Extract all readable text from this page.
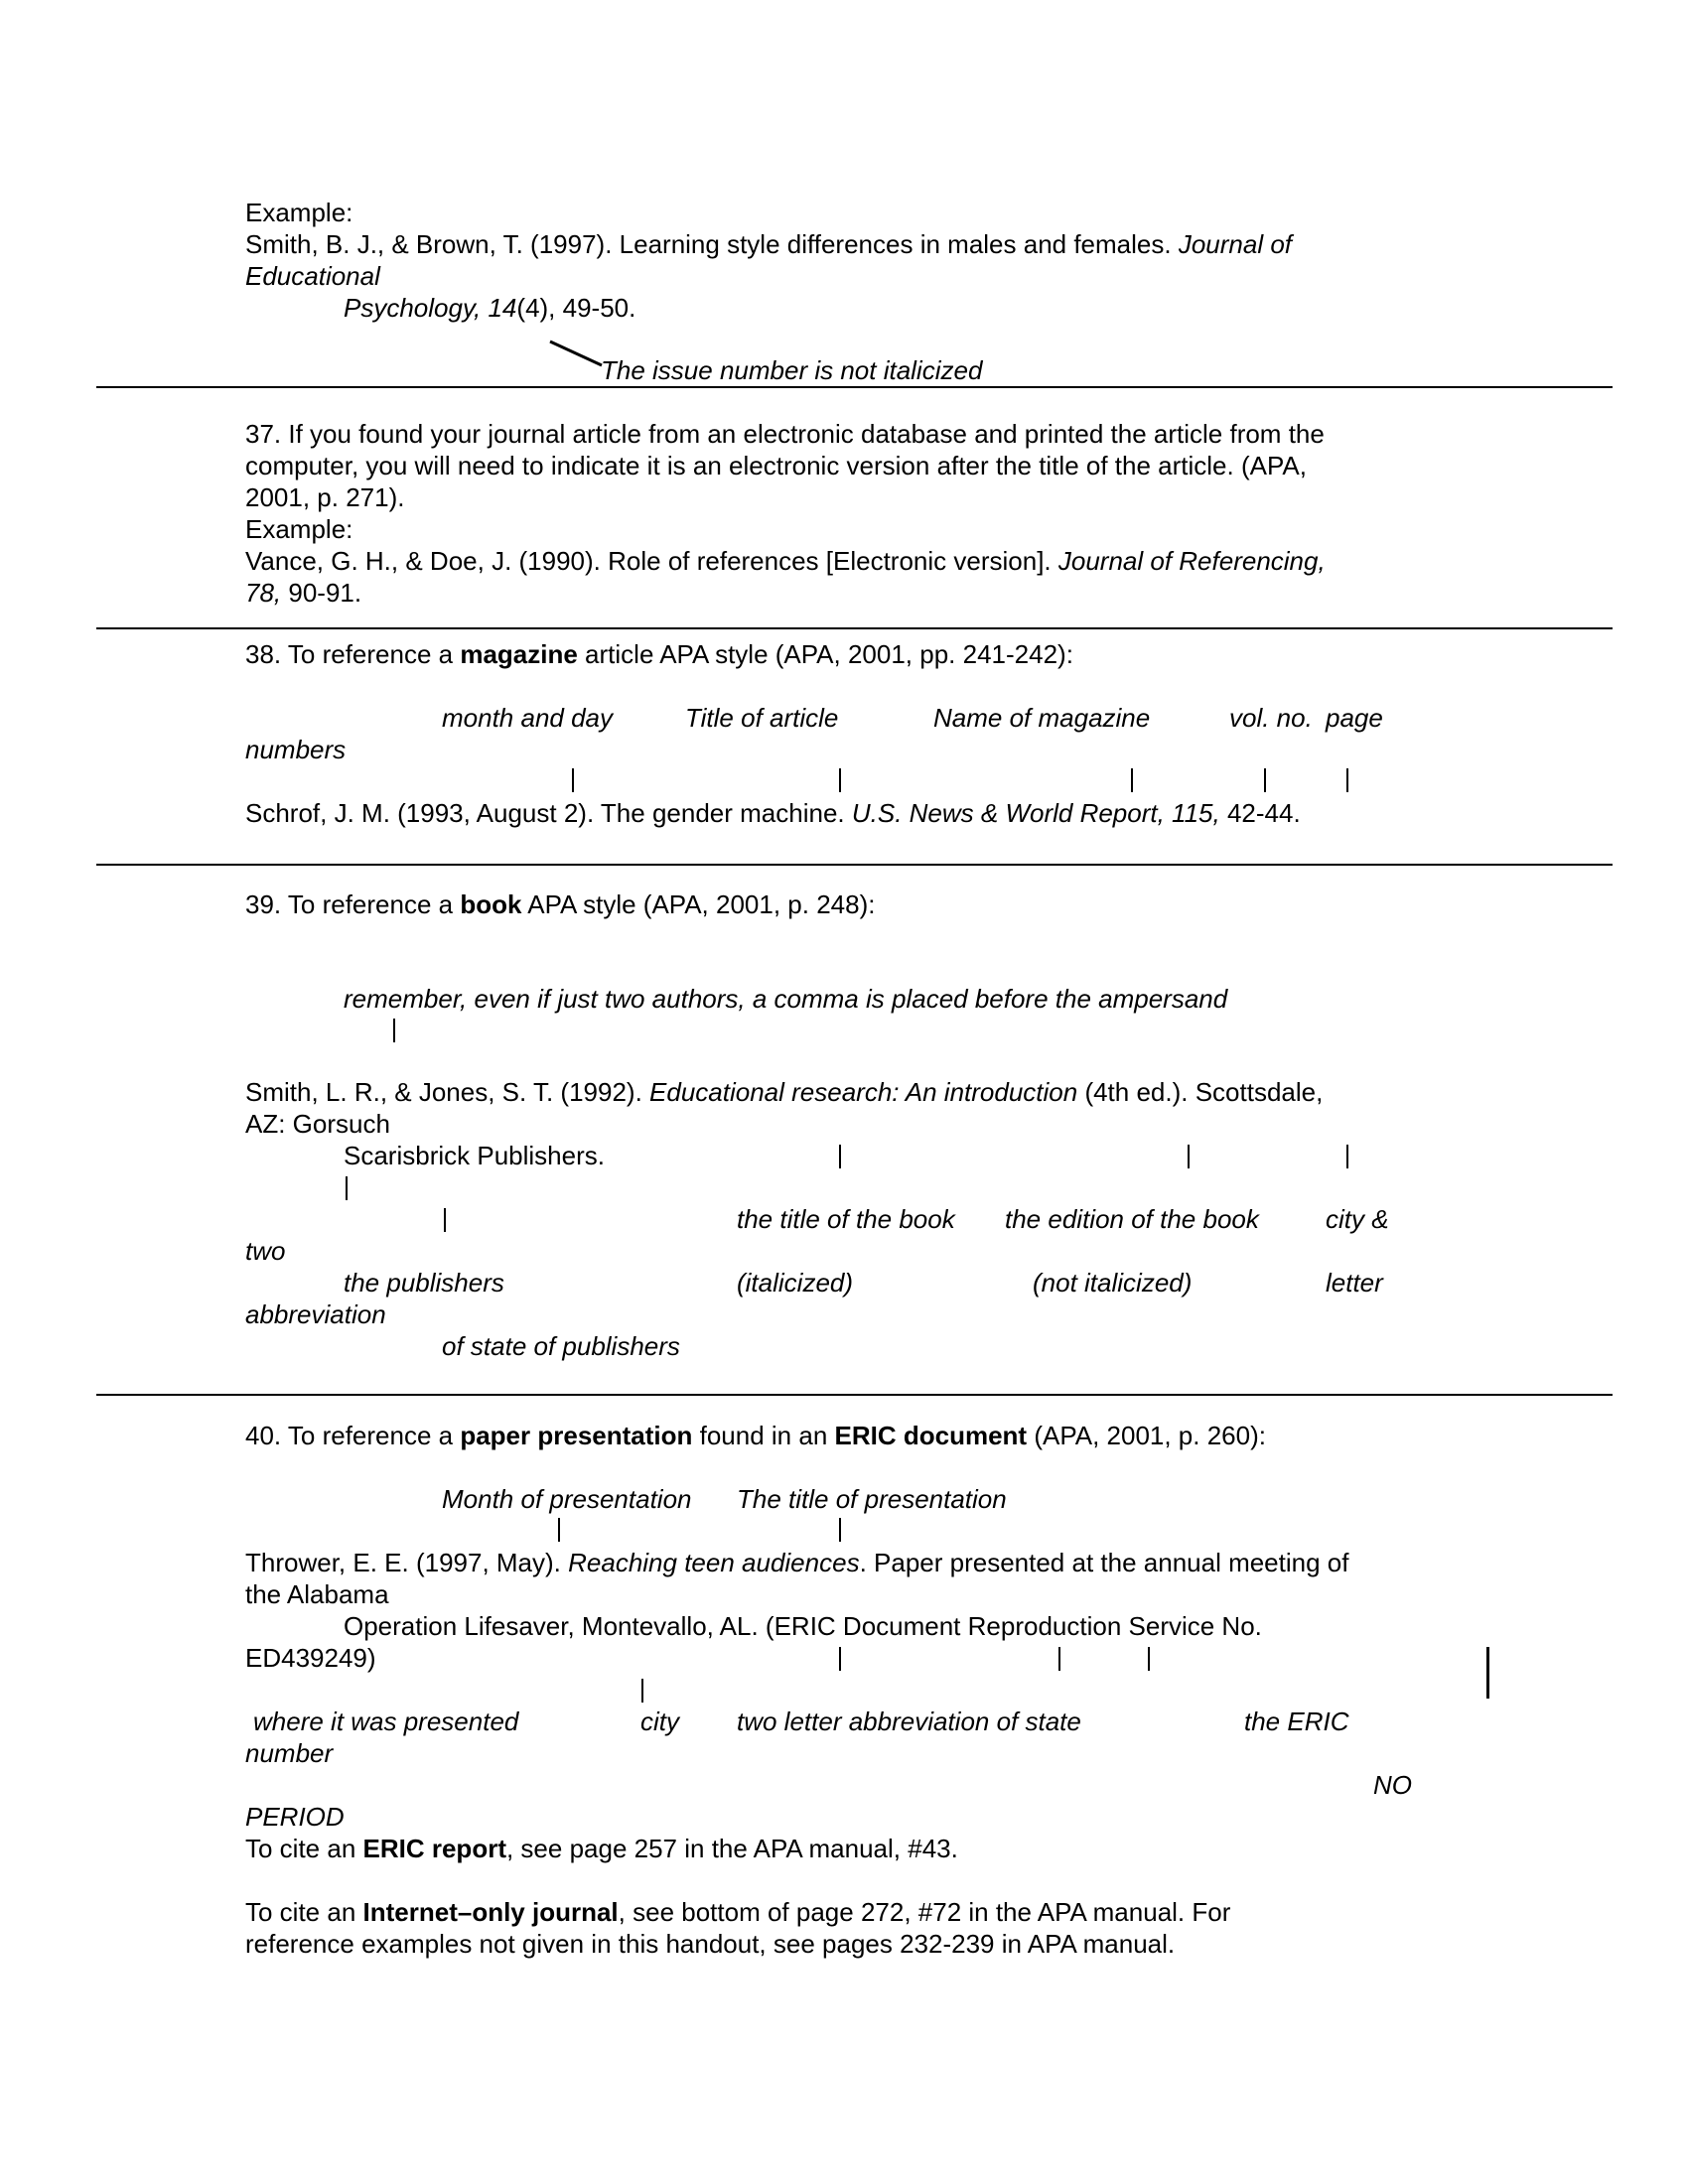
Example:
Smith, B. J., & Brown, T. (1997). Learning style differences in males and females. Journal of
Educational
Psychology, 14(4), 49-50.
The issue number is not italicized
37. If you found your journal article from an electronic database and printed the article from the
computer, you will need to indicate it is an electronic version after the title of the article. (APA,
2001, p. 271).
Example:
Vance, G. H., & Doe, J. (1990). Role of references [Electronic version]. Journal of Referencing,
78, 90-91.
38. To reference a magazine article APA style (APA, 2001, pp. 241-242):
month and day	Title of article	Name of magazine	vol. no. page
numbers
Schrof, J. M. (1993, August 2). The gender machine. U.S. News & World Report, 115, 42-44.
39. To reference a book APA style (APA, 2001, p. 248):
remember, even if just two authors, a comma is placed before the ampersand
Smith, L. R., & Jones, S. T. (1992). Educational research: An introduction (4th ed.). Scottsdale,
AZ: Gorsuch
Scarisbrick Publishers.
the title of the book the edition of the book	city &
two
the publishers	(italicized)	(not italicized)	letter
abbreviation
of state of publishers
40. To reference a paper presentation found in an ERIC document (APA, 2001, p. 260):
Month of presentation The title of presentation
Thrower, E. E. (1997, May). Reaching teen audiences. Paper presented at the annual meeting of
the Alabama
Operation Lifesaver, Montevallo, AL. (ERIC Document Reproduction Service No.
ED439249)
where it was presented	city two letter abbreviation of state	the ERIC
number
NO
PERIOD
To cite an ERIC report, see page 257 in the APA manual, #43.
To cite an Internet–only journal, see bottom of page 272, #72 in the APA manual. For
reference examples not given in this handout, see pages 232-239 in APA manual.
